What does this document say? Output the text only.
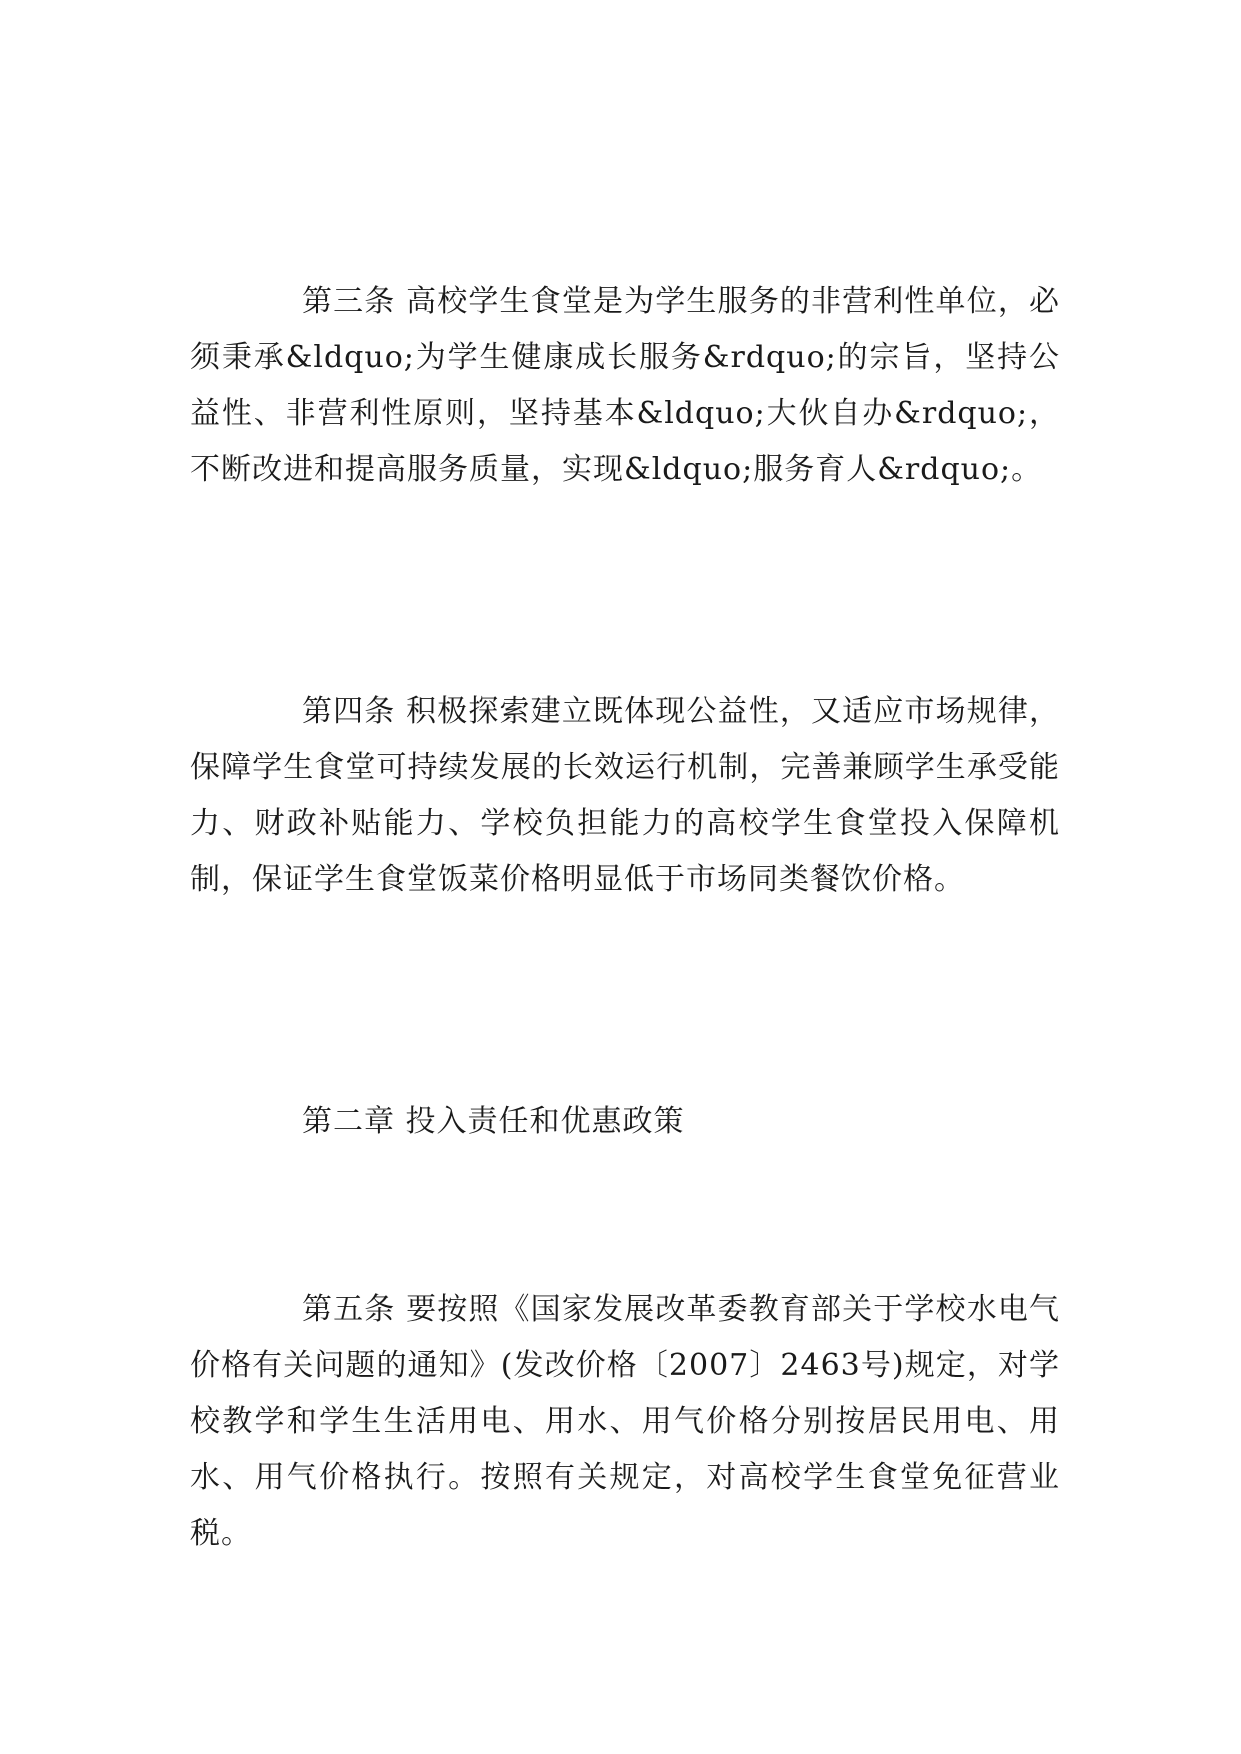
第三条 高校学生食堂是为学生服务的非营利性单位，必须秉承&ldquo;为学生健康成长服务&rdquo;的宗旨，坚持公益性、非营利性原则，坚持基本&ldquo;大伙自办&rdquo;，不断改进和提高服务质量，实现&ldquo;服务育人&rdquo;。

第四条 积极探索建立既体现公益性，又适应市场规律，保障学生食堂可持续发展的长效运行机制，完善兼顾学生承受能力、财政补贴能力、学校负担能力的高校学生食堂投入保障机制，保证学生食堂饭菜价格明显低于市场同类餐饮价格。

第二章 投入责任和优惠政策

第五条 要按照《国家发展改革委教育部关于学校水电气价格有关问题的通知》(发改价格〔2007〕2463号)规定，对学校教学和学生生活用电、用水、用气价格分别按居民用电、用水、用气价格执行。按照有关规定，对高校学生食堂免征营业税。
